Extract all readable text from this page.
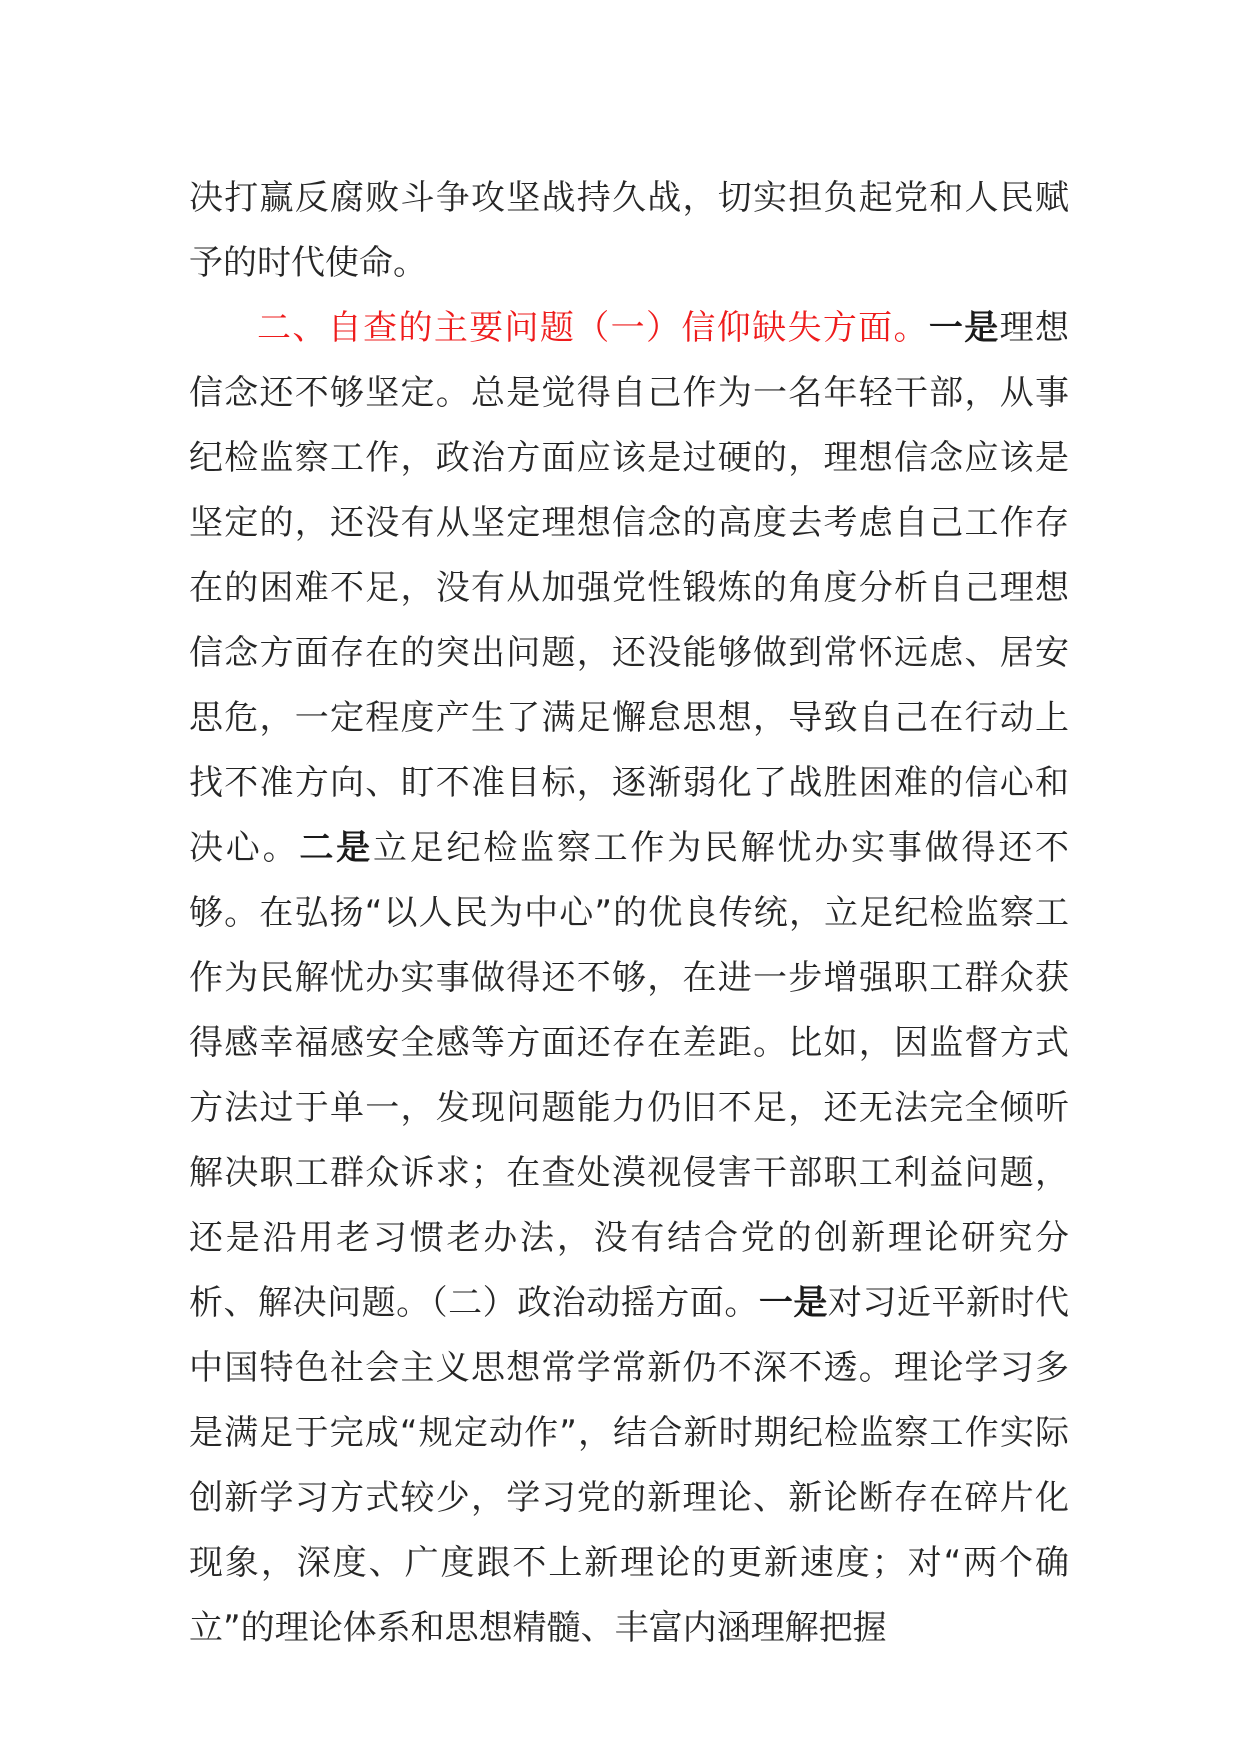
决打赢反腐败斗争攻坚战持久战，切实担负起党和人民赋予的时代使命。

二、自查的主要问题（一）信仰缺失方面。一是理想信念还不够坚定。总是觉得自己作为一名年轻干部，从事纪检监察工作，政治方面应该是过硬的，理想信念应该是坚定的，还没有从坚定理想信念的高度去考虑自己工作存在的困难不足，没有从加强党性锻炼的角度分析自己理想信念方面存在的突出问题，还没能够做到常怀远虑、居安思危，一定程度产生了满足懈怠思想，导致自己在行动上找不准方向、盯不准目标，逐渐弱化了战胜困难的信心和决心。二是立足纪检监察工作为民解忧办实事做得还不够。在弘扬“以人民为中心”的优良传统，立足纪检监察工作为民解忧办实事做得还不够，在进一步增强职工群众获得感幸福感安全感等方面还存在差距。比如，因监督方式方法过于单一，发现问题能力仍旧不足，还无法完全倾听解决职工群众诉求；在查处漠视侵害干部职工利益问题，还是沿用老习惯老办法，没有结合党的创新理论研究分析、解决问题。（二）政治动摇方面。一是对习近平新时代中国特色社会主义思想常学常新仍不深不透。理论学习多是满足于完成“规定动作”，结合新时期纪检监察工作实际创新学习方式较少，学习党的新理论、新论断存在碎片化现象，深度、广度跟不上新理论的更新速度；对“两个确立”的理论体系和思想精髓、丰富内涵理解把握
